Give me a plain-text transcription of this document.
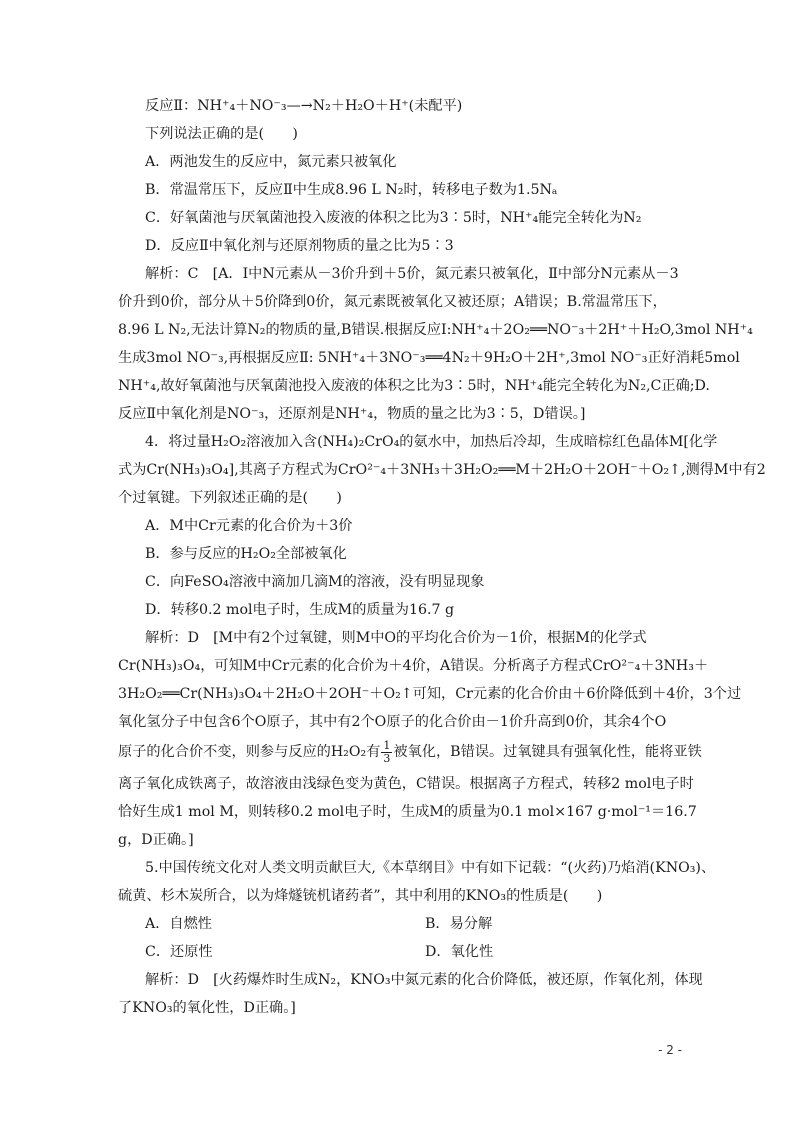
反应Ⅱ：NH⁺₄＋NO⁻₃—→N₂＋H₂O＋H⁺(未配平)
下列说法正确的是(　　)
A．两池发生的反应中，氮元素只被氧化
B．常温常压下，反应Ⅱ中生成8.96 L N₂时，转移电子数为1.5Nₐ
C．好氧菌池与厌氧菌池投入废液的体积之比为3∶5时，NH⁺₄能完全转化为N₂
D．反应Ⅱ中氧化剂与还原剂物质的量之比为5∶3
解析：C　[A．Ⅰ中N元素从－3价升到＋5价，氮元素只被氧化，Ⅱ中部分N元素从－3
价升到0价，部分从＋5价降到0价，氮元素既被氧化又被还原；A错误；B.常温常压下，
8.96 L N₂,无法计算N₂的物质的量,B错误.根据反应Ⅰ:NH⁺₄＋2O₂══NO⁻₃＋2H⁺＋H₂O,3mol NH⁺₄
生成3mol NO⁻₃,再根据反应Ⅱ: 5NH⁺₄＋3NO⁻₃══4N₂＋9H₂O＋2H⁺,3mol NO⁻₃正好消耗5mol
NH⁺₄,故好氧菌池与厌氧菌池投入废液的体积之比为3∶5时，NH⁺₄能完全转化为N₂,C正确;D.
反应Ⅱ中氧化剂是NO⁻₃，还原剂是NH⁺₄，物质的量之比为3∶5，D错误。]
4．将过量H₂O₂溶液加入含(NH₄)₂CrO₄的氨水中，加热后冷却，生成暗棕红色晶体M[化学
式为Cr(NH₃)₃O₄],其离子方程式为CrO²⁻₄＋3NH₃＋3H₂O₂══M＋2H₂O＋2OH⁻＋O₂↑,测得M中有2
个过氧键。下列叙述正确的是(　　)
A．M中Cr元素的化合价为＋3价
B．参与反应的H₂O₂全部被氧化
C．向FeSO₄溶液中滴加几滴M的溶液，没有明显现象
D．转移0.2 mol电子时，生成M的质量为16.7 g
解析：D　[M中有2个过氧键，则M中O的平均化合价为－1价，根据M的化学式
Cr(NH₃)₃O₄，可知M中Cr元素的化合价为＋4价，A错误。分析离子方程式CrO²⁻₄＋3NH₃＋
3H₂O₂══Cr(NH₃)₃O₄＋2H₂O＋2OH⁻＋O₂↑可知，Cr元素的化合价由＋6价降低到＋4价，3个过
氧化氢分子中包含6个O原子，其中有2个O原子的化合价由－1价升高到0价，其余4个O
原子的化合价不变，则参与反应的H₂O₂有 $\frac{1}{3}$ 被氧化，B错误。过氧键具有强氧化性，能将亚铁
离子氧化成铁离子，故溶液由浅绿色变为黄色，C错误。根据离子方程式，转移2 mol电子时
恰好生成1 mol M，则转移0.2 mol电子时，生成M的质量为0.1 mol×167 g·mol⁻¹＝16.7
g，D正确。]
5.中国传统文化对人类文明贡献巨大,《本草纲目》中有如下记载：“(火药)乃焰消(KNO₃)、
硫黄、杉木炭所合，以为烽燧铳机诸药者”，其中利用的KNO₃的性质是(　　)
A．自燃性	B．易分解
C．还原性	D．氧化性
解析：D　[火药爆炸时生成N₂，KNO₃中氮元素的化合价降低，被还原，作氧化剂，体现
了KNO₃的氧化性，D正确。]
- 2 -
